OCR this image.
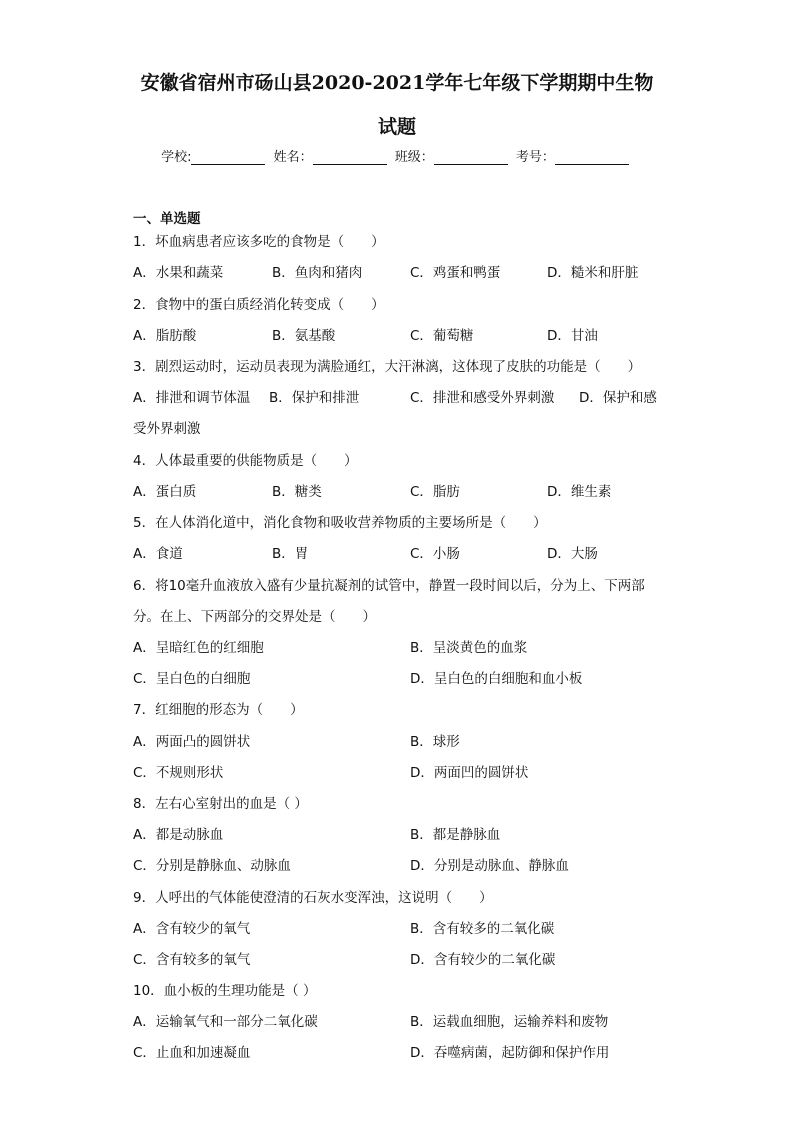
安徽省宿州市砀山县2020-2021学年七年级下学期期中生物
试题
学校:	姓名：	班级：	考号：
一、单选题
1．坏血病患者应该多吃的食物是（　　）
A．水果和蔬菜	B．鱼肉和猪肉	C．鸡蛋和鸭蛋	D．糙米和肝脏
2．食物中的蛋白质经消化转变成（　　）
A．脂肪酸	B．氨基酸	C．葡萄糖	D．甘油
3．剧烈运动时，运动员表现为满脸通红，大汗淋漓，这体现了皮肤的功能是（　　）
A．排泄和调节体温 B．保护和排泄	C．排泄和感受外界刺激 D．保护和感
受外界刺激
4．人体最重要的供能物质是（　　）
A．蛋白质	B．糖类	C．脂肪	D．维生素
5．在人体消化道中，消化食物和吸收营养物质的主要场所是（　　）
A．食道	B．胃	C．小肠	D．大肠
6．将10毫升血液放入盛有少量抗凝剂的试管中，静置一段时间以后，分为上、下两部
分。在上、下两部分的交界处是（　　）
A．呈暗红色的红细胞	B．呈淡黄色的血浆
C．呈白色的白细胞	D．呈白色的白细胞和血小板
7．红细胞的形态为（　　）
A．两面凸的圆饼状	B．球形
C．不规则形状	D．两面凹的圆饼状
8．左右心室射出的血是（ ）
A．都是动脉血	B．都是静脉血
C．分别是静脉血、动脉血	D．分别是动脉血、静脉血
9．人呼出的气体能使澄清的石灰水变浑浊，这说明（　　）
A．含有较少的氧气	B．含有较多的二氧化碳
C．含有较多的氧气	D．含有较少的二氧化碳
10．血小板的生理功能是（ ）
A．运输氧气和一部分二氧化碳	B．运载血细胞，运输养料和废物
C．止血和加速凝血	D．吞噬病菌，起防御和保护作用
